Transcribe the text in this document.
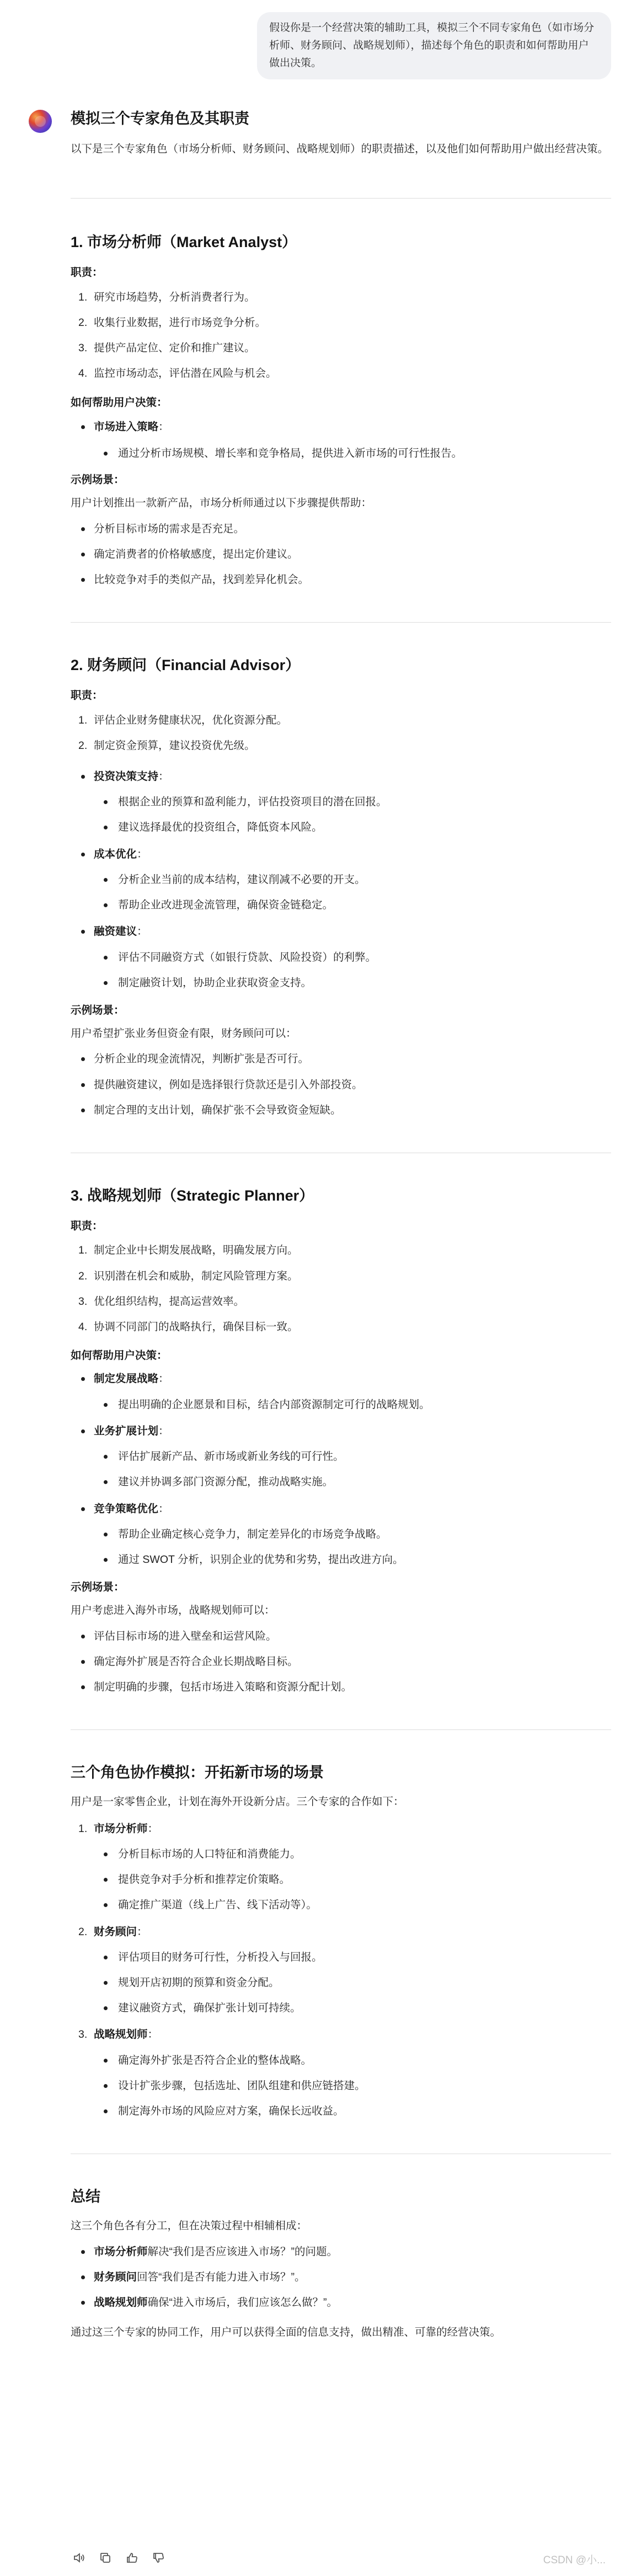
假设你是一个经营决策的辅助工具，模拟三个不同专家角色（如市场分析师、财务顾问、战略规划师），描述每个角色的职责和如何帮助用户做出决策。
模拟三个专家角色及其职责

以下是三个专家角色（市场分析师、财务顾问、战略规划师）的职责描述，以及他们如何帮助用户做出经营决策。

1. 市场分析师（Market Analyst）

职责：

1. 研究市场趋势，分析消费者行为。
2. 收集行业数据，进行市场竞争分析。
3. 提供产品定位、定价和推广建议。
4. 监控市场动态，评估潜在风险与机会。

如何帮助用户决策：

市场进入策略：
通过分析市场规模、增长率和竞争格局，提供进入新市场的可行性报告。

示例场景：

用户计划推出一款新产品，市场分析师通过以下步骤提供帮助：

分析目标市场的需求是否充足。
确定消费者的价格敏感度，提出定价建议。
比较竞争对手的类似产品，找到差异化机会。
2. 财务顾问（Financial Advisor）

职责：

1. 评估企业财务健康状况，优化资源分配。
2. 制定资金预算，建议投资优先级。
投资决策支持：
根据企业的预算和盈利能力，评估投资项目的潜在回报。
建议选择最优的投资组合，降低资本风险。
成本优化：
分析企业当前的成本结构，建议削减不必要的开支。
帮助企业改进现金流管理，确保资金链稳定。
融资建议：
评估不同融资方式（如银行贷款、风险投资）的利弊。
制定融资计划，协助企业获取资金支持。

示例场景：

用户希望扩张业务但资金有限，财务顾问可以：

分析企业的现金流情况，判断扩张是否可行。
提供融资建议，例如是选择银行贷款还是引入外部投资。
制定合理的支出计划，确保扩张不会导致资金短缺。
3. 战略规划师（Strategic Planner）

职责：

1. 制定企业中长期发展战略，明确发展方向。
2. 识别潜在机会和威胁，制定风险管理方案。
3. 优化组织结构，提高运营效率。
4. 协调不同部门的战略执行，确保目标一致。

如何帮助用户决策：

制定发展战略：
提出明确的企业愿景和目标，结合内部资源制定可行的战略规划。
业务扩展计划：
评估扩展新产品、新市场或新业务线的可行性。
建议并协调多部门资源分配，推动战略实施。
竞争策略优化：
帮助企业确定核心竞争力，制定差异化的市场竞争战略。
通过 SWOT 分析，识别企业的优势和劣势，提出改进方向。

示例场景：

用户考虑进入海外市场，战略规划师可以：

评估目标市场的进入壁垒和运营风险。
确定海外扩展是否符合企业长期战略目标。
制定明确的步骤，包括市场进入策略和资源分配计划。
三个角色协作模拟：开拓新市场的场景

用户是一家零售企业，计划在海外开设新分店。三个专家的合作如下：

1. 市场分析师：
分析目标市场的人口特征和消费能力。
提供竞争对手分析和推荐定价策略。
确定推广渠道（线上广告、线下活动等）。
2. 财务顾问：
评估项目的财务可行性，分析投入与回报。
规划开店初期的预算和资金分配。
建议融资方式，确保扩张计划可持续。
3. 战略规划师：
确定海外扩张是否符合企业的整体战略。
设计扩张步骤，包括选址、团队组建和供应链搭建。
制定海外市场的风险应对方案，确保长远收益。
总结

这三个角色各有分工，但在决策过程中相辅相成：

市场分析师解决“我们是否应该进入市场？”的问题。
财务顾问回答“我们是否有能力进入市场？”。
战略规划师确保“进入市场后，我们应该怎么做？”。

通过这三个专家的协同工作，用户可以获得全面的信息支持，做出精准、可靠的经营决策。

CSDN @小...
